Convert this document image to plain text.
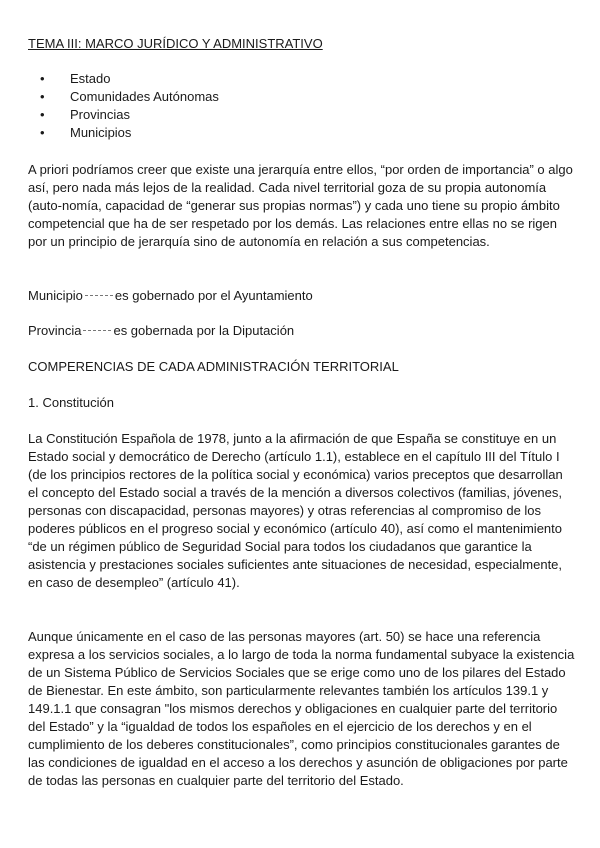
TEMA III: MARCO JURÍDICO Y ADMINISTRATIVO
• Estado
• Comunidades Autónomas
• Provincias
• Municipios

A priori podríamos creer que existe una jerarquía entre ellos, “por orden de importancia” o algo así, pero nada más lejos de la realidad. Cada nivel territorial goza de su propia autonomía (auto-nomía, capacidad de “generar sus propias normas”) y cada uno tiene su propio ámbito competencial que ha de ser respetado por los demás. Las relaciones entre ellas no se rigen por un principio de jerarquía sino de autonomía en relación a sus competencias.

Municipio es gobernado por el Ayuntamiento

Provincia es gobernada por la Diputación

COMPERENCIAS DE CADA ADMINISTRACIÓN TERRITORIAL
1. Constitución

La Constitución Española de 1978, junto a la afirmación de que España se constituye en un Estado social y democrático de Derecho (artículo 1.1), establece en el capítulo III del Título I (de los principios rectores de la política social y económica) varios preceptos que desarrollan el concepto del Estado social a través de la mención a diversos colectivos (familias, jóvenes, personas con discapacidad, personas mayores) y otras referencias al compromiso de los poderes públicos en el progreso social y económico (artículo 40), así como el mantenimiento “de un régimen público de Seguridad Social para todos los ciudadanos que garantice la asistencia y prestaciones sociales suficientes ante situaciones de necesidad, especialmente, en caso de desempleo” (artículo 41).

Aunque únicamente en el caso de las personas mayores (art. 50) se hace una referencia expresa a los servicios sociales, a lo largo de toda la norma fundamental subyace la existencia de un Sistema Público de Servicios Sociales que se erige como uno de los pilares del Estado de Bienestar. En este ámbito, son particularmente relevantes también los artículos 139.1 y 149.1.1 que consagran "los mismos derechos y obligaciones en cualquier parte del territorio del Estado” y la “igualdad de todos los españoles en el ejercicio de los derechos y en el cumplimiento de los deberes constitucionales”, como principios constitucionales garantes de las condiciones de igualdad en el acceso a los derechos y asunción de obligaciones por parte de todas las personas en cualquier parte del territorio del Estado.
